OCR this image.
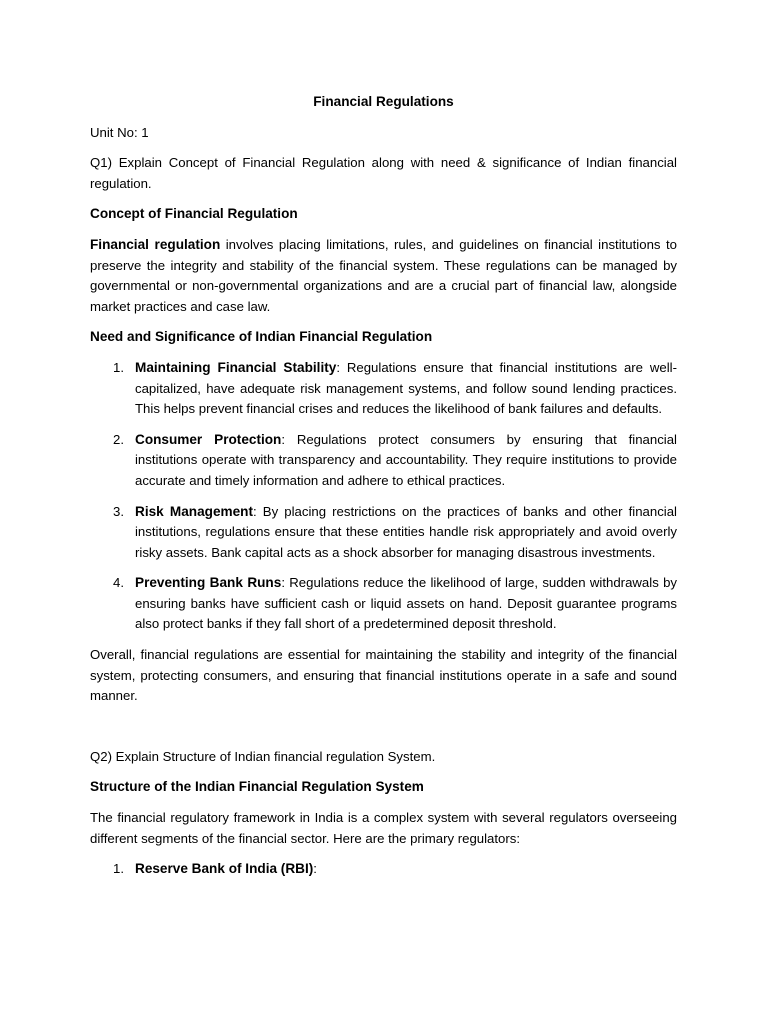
Financial Regulations

Unit No: 1

Q1) Explain Concept of Financial Regulation along with need & significance of Indian financial regulation.

Concept of Financial Regulation

Financial regulation involves placing limitations, rules, and guidelines on financial institutions to preserve the integrity and stability of the financial system. These regulations can be managed by governmental or non-governmental organizations and are a crucial part of financial law, alongside market practices and case law.

Need and Significance of Indian Financial Regulation
1. Maintaining Financial Stability: Regulations ensure that financial institutions are well-capitalized, have adequate risk management systems, and follow sound lending practices. This helps prevent financial crises and reduces the likelihood of bank failures and defaults.
2. Consumer Protection: Regulations protect consumers by ensuring that financial institutions operate with transparency and accountability. They require institutions to provide accurate and timely information and adhere to ethical practices.
3. Risk Management: By placing restrictions on the practices of banks and other financial institutions, regulations ensure that these entities handle risk appropriately and avoid overly risky assets. Bank capital acts as a shock absorber for managing disastrous investments.
4. Preventing Bank Runs: Regulations reduce the likelihood of large, sudden withdrawals by ensuring banks have sufficient cash or liquid assets on hand. Deposit guarantee programs also protect banks if they fall short of a predetermined deposit threshold.

Overall, financial regulations are essential for maintaining the stability and integrity of the financial system, protecting consumers, and ensuring that financial institutions operate in a safe and sound manner.

Q2) Explain Structure of Indian financial regulation System.

Structure of the Indian Financial Regulation System

The financial regulatory framework in India is a complex system with several regulators overseeing different segments of the financial sector. Here are the primary regulators:

1. Reserve Bank of India (RBI):
